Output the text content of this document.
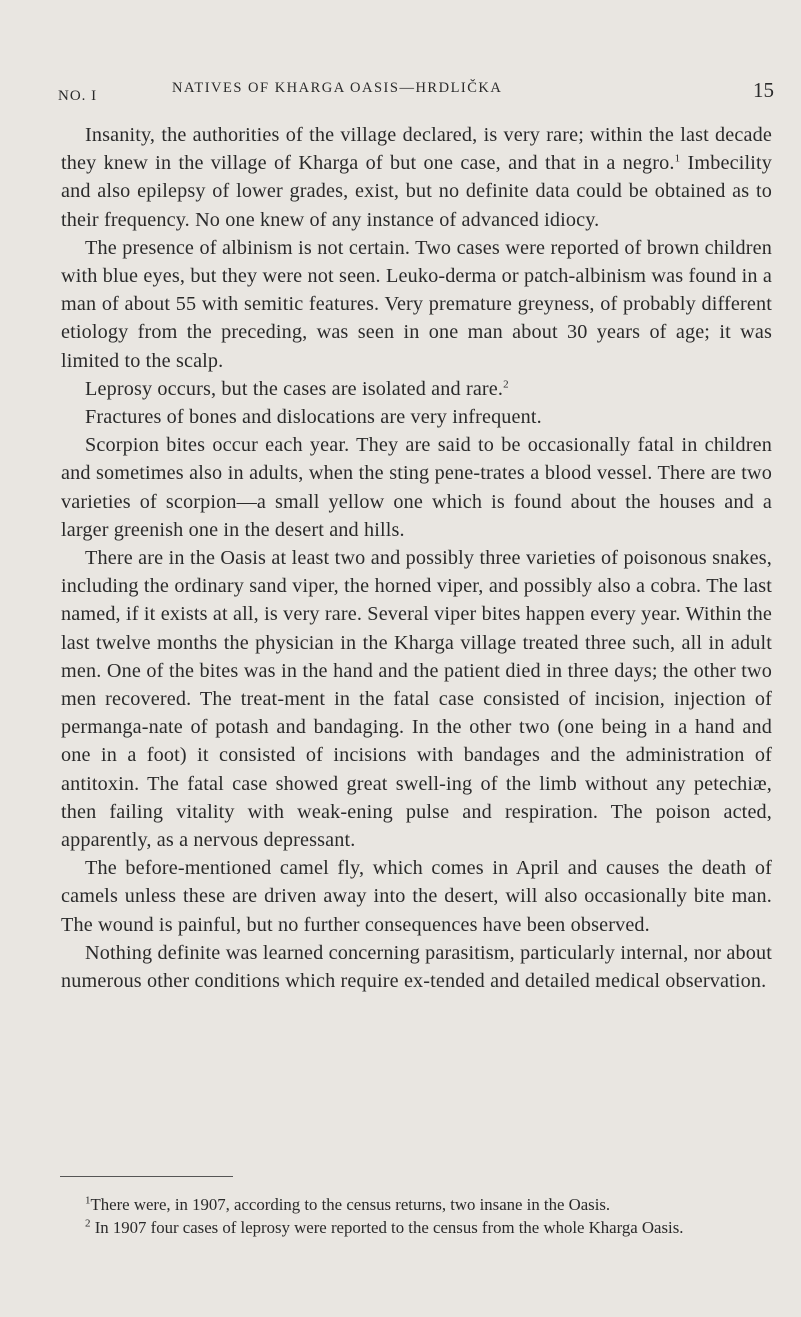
NO. I	NATIVES OF KHARGA OASIS—HRDLIČKA	15

Insanity, the authorities of the village declared, is very rare; within the last decade they knew in the village of Kharga of but one case, and that in a negro.$^1$ Imbecility and also epilepsy of lower grades, exist, but no definite data could be obtained as to their frequency. No one knew of any instance of advanced idiocy.

The presence of albinism is not certain. Two cases were reported of brown children with blue eyes, but they were not seen. Leuko-derma or patch-albinism was found in a man of about 55 with semitic features. Very premature greyness, of probably different etiology from the preceding, was seen in one man about 30 years of age; it was limited to the scalp.

Leprosy occurs, but the cases are isolated and rare.$^2$

Fractures of bones and dislocations are very infrequent.

Scorpion bites occur each year. They are said to be occasionally fatal in children and sometimes also in adults, when the sting pene-trates a blood vessel. There are two varieties of scorpion—a small yellow one which is found about the houses and a larger greenish one in the desert and hills.

There are in the Oasis at least two and possibly three varieties of poisonous snakes, including the ordinary sand viper, the horned viper, and possibly also a cobra. The last named, if it exists at all, is very rare. Several viper bites happen every year. Within the last twelve months the physician in the Kharga village treated three such, all in adult men. One of the bites was in the hand and the patient died in three days; the other two men recovered. The treat-ment in the fatal case consisted of incision, injection of permanga-nate of potash and bandaging. In the other two (one being in a hand and one in a foot) it consisted of incisions with bandages and the administration of antitoxin. The fatal case showed great swell-ing of the limb without any petechiæ, then failing vitality with weak-ening pulse and respiration. The poison acted, apparently, as a nervous depressant.

The before-mentioned camel fly, which comes in April and causes the death of camels unless these are driven away into the desert, will also occasionally bite man. The wound is painful, but no further consequences have been observed.

Nothing definite was learned concerning parasitism, particularly internal, nor about numerous other conditions which require ex-tended and detailed medical observation.

$^1$There were, in 1907, according to the census returns, two insane in the Oasis.

$^2$ In 1907 four cases of leprosy were reported to the census from the whole Kharga Oasis.
